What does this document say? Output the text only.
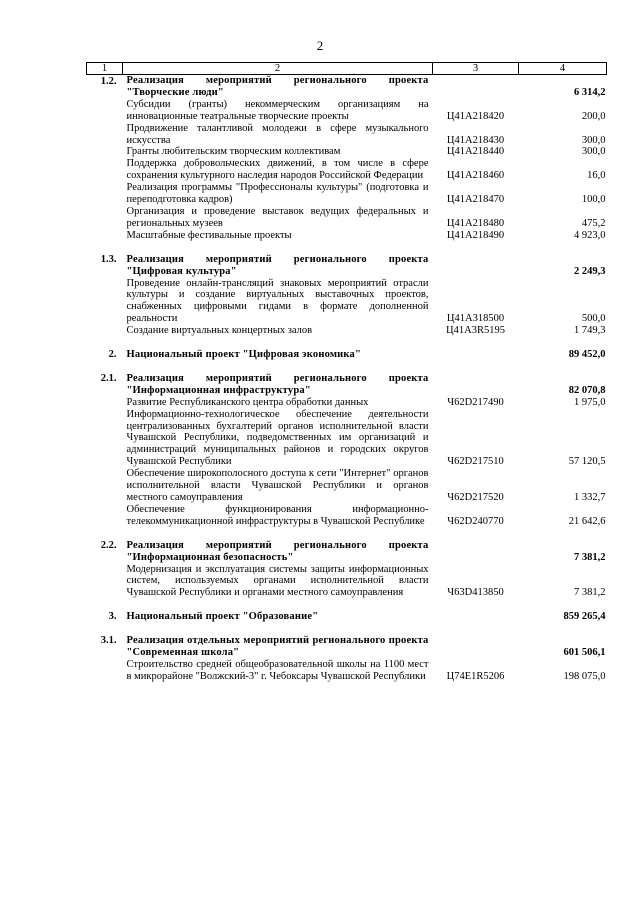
2
1	2	3	4
1.2.	Реализация мероприятий регионального проекта "Творческие люди"		6 314,2
	Субсидии (гранты) некоммерческим организациям на инновационные театральные творческие проекты	Ц41А218420	200,0
	Продвижение талантливой молодежи в сфере музыкального искусства	Ц41А218430	300,0
	Гранты любительским творческим коллективам	Ц41А218440	300,0
	Поддержка добровольческих движений, в том числе в сфере сохранения культурного наследия народов Российской Федерации	Ц41А218460	16,0
	Реализация программы "Профессионалы культуры" (подготовка и переподготовка кадров)	Ц41А218470	100,0
	Организация и проведение выставок ведущих федеральных и региональных музеев	Ц41А218480	475,2
	Масштабные фестивальные проекты	Ц41А218490	4 923,0
1.3.	Реализация мероприятий регионального проекта "Цифровая культура"		2 249,3
	Проведение онлайн-трансляций знаковых мероприятий отрасли культуры и создание виртуальных выставочных проектов, снабженных цифровыми гидами в формате дополненной реальности	Ц41А318500	500,0
	Создание виртуальных концертных залов	Ц41А3R5195	1 749,3
2.	Национальный проект "Цифровая экономика"		89 452,0
2.1.	Реализация мероприятий регионального проекта "Информационная инфраструктура"		82 070,8
	Развитие Республиканского центра обработки данных	Ч62D217490	1 975,0
	Информационно-технологическое обеспечение деятельности централизованных бухгалтерий органов исполнительной власти Чувашской Республики, подведомственных им организаций и администраций муниципальных районов и городских округов Чувашской Республики	Ч62D217510	57 120,5
	Обеспечение широкополосного доступа к сети "Интернет" органов исполнительной власти Чувашской Республики и органов местного самоуправления	Ч62D217520	1 332,7
	Обеспечение функционирования информационно-телекоммуникационной инфраструктуры в Чувашской Республике	Ч62D240770	21 642,6
2.2.	Реализация мероприятий регионального проекта "Информационная безопасность"		7 381,2
	Модернизация и эксплуатация системы защиты информационных систем, используемых органами исполнительной власти Чувашской Республики и органами местного самоуправления	Ч63D413850	7 381,2
3.	Национальный проект "Образование"		859 265,4
3.1.	Реализация отдельных мероприятий регионального проекта "Современная школа"		601 506,1
	Строительство средней общеобразовательной школы на 1100 мест в микрорайоне "Волжский-3" г. Чебоксары Чувашской Республики	Ц74Е1R5206	198 075,0
